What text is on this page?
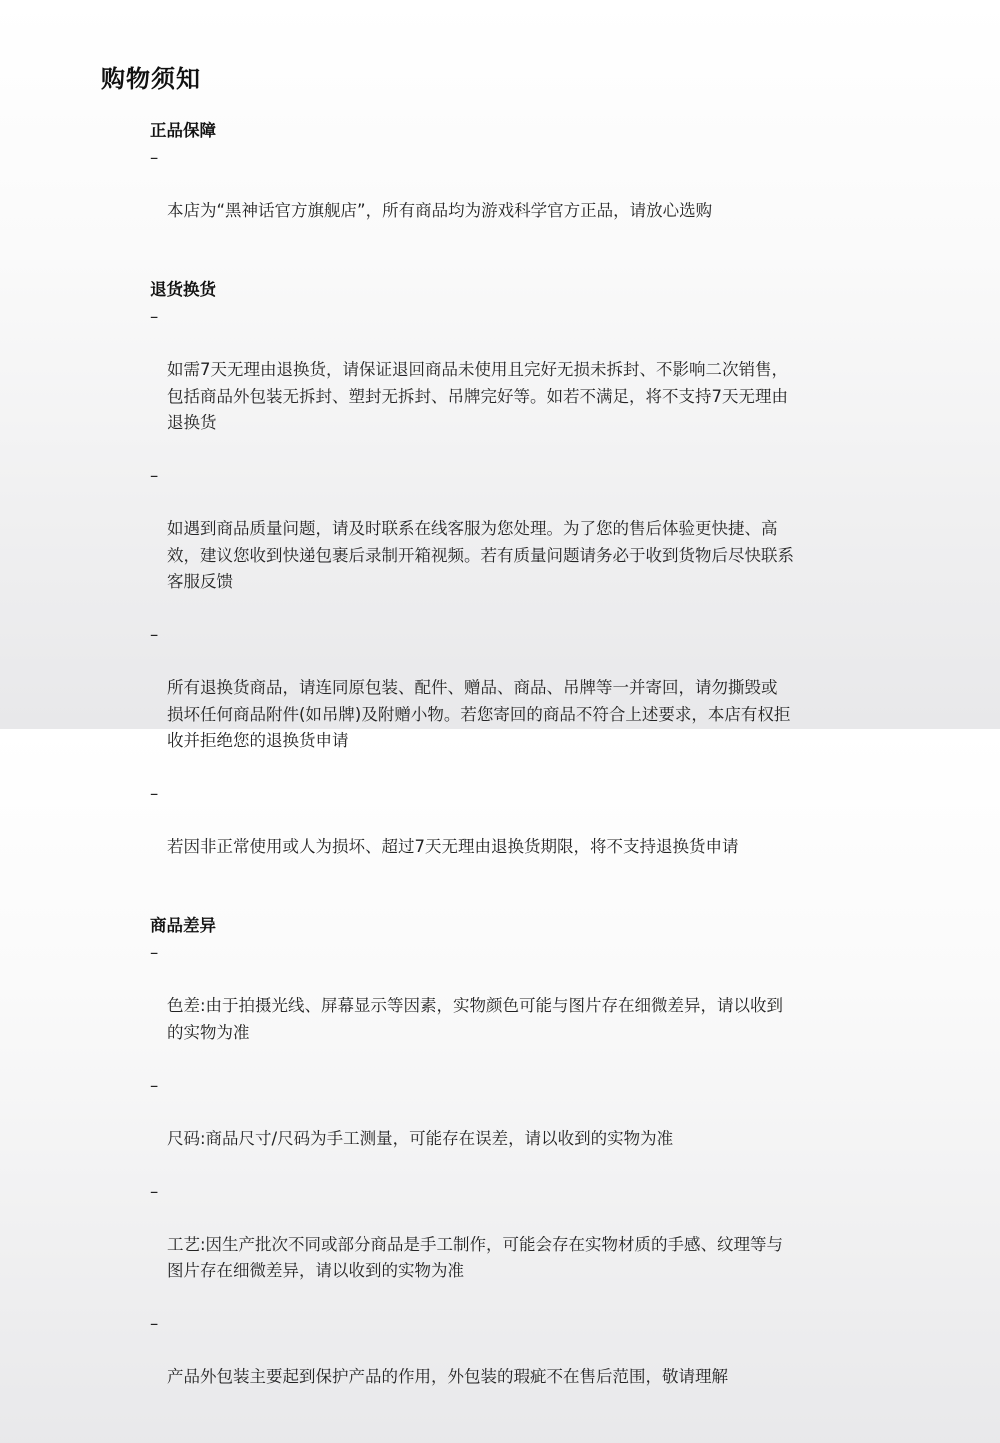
购物须知
正品保障

–

本店为“黑神话官方旗舰店”，所有商品均为游戏科学官方正品，请放心选购

退货换货

–

如需7天无理由退换货，请保证退回商品未使用且完好无损未拆封、不影响二次销售，
包括商品外包装无拆封、塑封无拆封、吊牌完好等。如若不满足，将不支持7天无理由
退换货

–

如遇到商品质量问题，请及时联系在线客服为您处理。为了您的售后体验更快捷、高
效，建议您收到快递包裹后录制开箱视频。若有质量问题请务必于收到货物后尽快联系
客服反馈

–

所有退换货商品，请连同原包装、配件、赠品、商品、吊牌等一并寄回，请勿撕毁或
损坏任何商品附件(如吊牌)及附赠小物。若您寄回的商品不符合上述要求，本店有权拒
收并拒绝您的退换货申请

–

若因非正常使用或人为损坏、超过7天无理由退换货期限，将不支持退换货申请

商品差异

–

色差:由于拍摄光线、屏幕显示等因素，实物颜色可能与图片存在细微差异，请以收到
的实物为准

–

尺码:商品尺寸/尺码为手工测量，可能存在误差，请以收到的实物为准

–

工艺:因生产批次不同或部分商品是手工制作，可能会存在实物材质的手感、纹理等与
图片存在细微差异，请以收到的实物为准

–

产品外包装主要起到保护产品的作用，外包装的瑕疵不在售后范围，敬请理解
